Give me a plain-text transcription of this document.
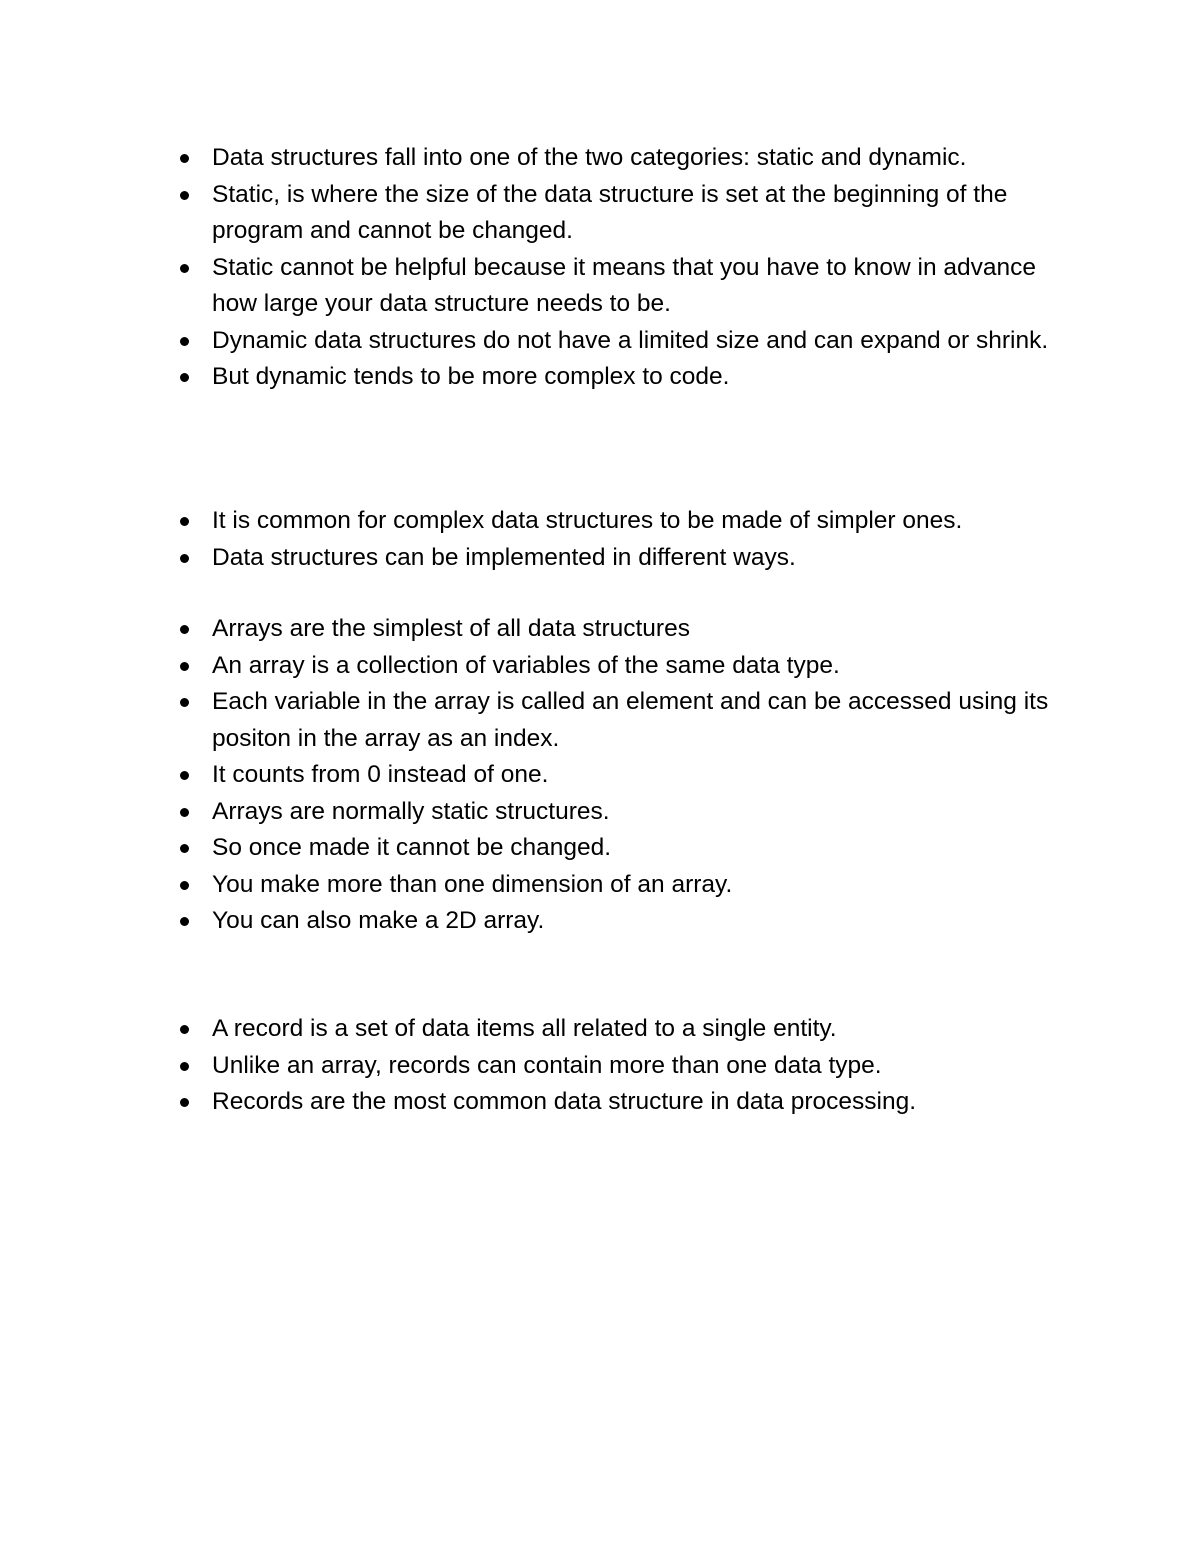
Data structures fall into one of the two categories: static and dynamic.
Static, is where the size of the data structure is set at the beginning of the program and cannot be changed.
Static cannot be helpful because it means that you have to know in advance how large your data structure needs to be.
Dynamic data structures do not have a limited size and can expand or shrink.
But dynamic tends to be more complex to code.
It is common for complex data structures to be made of simpler ones.
Data structures can be implemented in different ways.
Arrays are the simplest of all data structures
An array is a collection of variables of the same data type.
Each variable in the array is called an element and can be accessed using its positon in the array as an index.
It counts from 0 instead of one.
Arrays are normally static structures.
So once made it cannot be changed.
You make more than one dimension of an array.
You can also make a 2D array.
A record is a set of data items all related to a single entity.
Unlike an array, records can contain more than one data type.
Records are the most common data structure in data processing.
